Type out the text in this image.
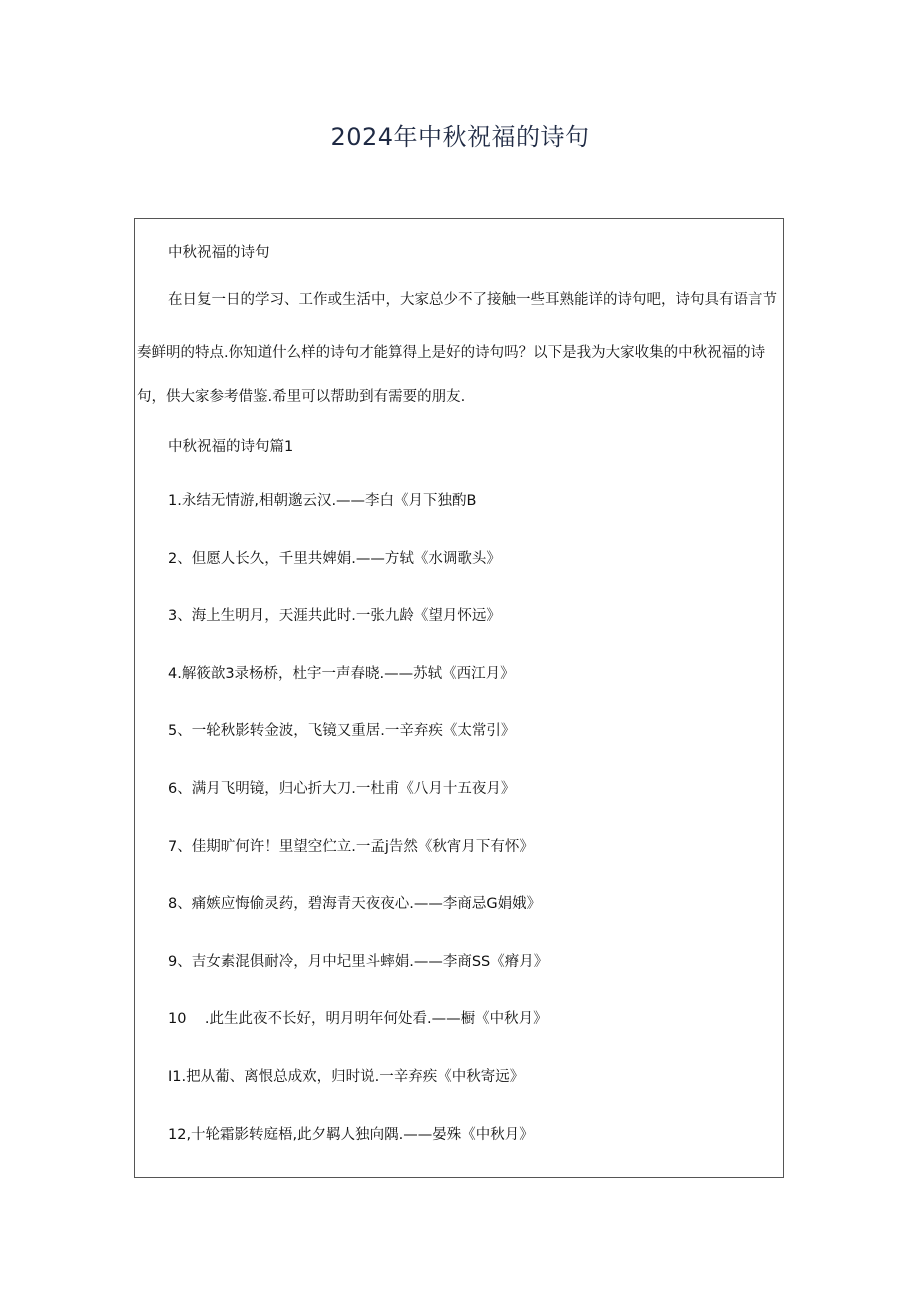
2024年中秋祝福的诗句

中秋祝福的诗句

在日复一日的学习、工作或生活中，大家总少不了接触一些耳熟能详的诗句吧，诗句具有语言节

奏鲜明的特点.你知道什么样的诗句才能算得上是好的诗句吗？以下是我为大家收集的中秋祝福的诗

句，供大家参考借鉴.希里可以帮助到有需要的朋友.

中秋祝福的诗句篇1

1.永结无情游,相朝邈云汉.——李白《月下独酌B

2、但愿人长久，千里共婢娟.——方轼《水调歌头》

3、海上生明月，天涯共此时.一张九龄《望月怀远》

4.解筱歆3录杨桥，杜宇一声春晓.——苏轼《西江月》

5、一轮秋影转金波，飞镜又重居.一辛弃疾《太常引》

6、满月飞明镜，归心折大刀.一杜甫《八月十五夜月》

7、佳期旷何许！里望空伫立.一孟j告然《秋宵月下有怀》

8、痛嫉应悔偷灵药，碧海青天夜夜心.——李商忌G娟娥》

9、吉女素混俱耐冷，月中圮里斗蟀娟.——李商SS《瘠月》

10    .此生此夜不长好，明月明年何处看.——橱《中秋月》

I1.把从葡、离恨总成欢，归时说.一辛弃疾《中秋寄远》

12,十轮霜影转庭梧,此夕羁人独向隅.——晏殊《中秋月》
